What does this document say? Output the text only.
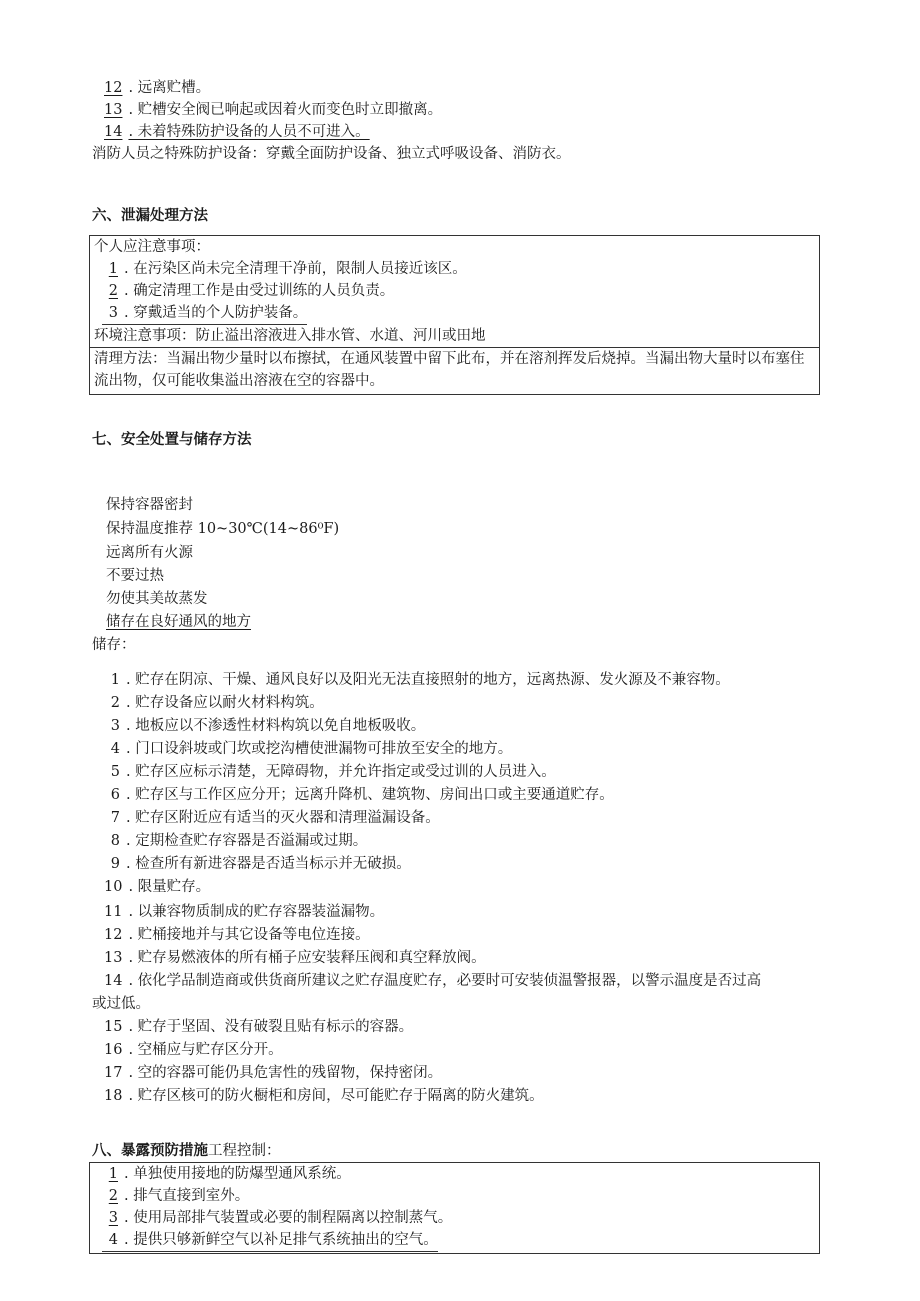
12 . 远离贮槽。
13 . 贮槽安全阀已响起或因着火而变色时立即撤离。
14 . 未着特殊防护设备的人员不可进入。
消防人员之特殊防护设备：穿戴全面防护设备、独立式呼吸设备、消防衣。
六、泄漏处理方法
个人应注意事项：
1 . 在污染区尚未完全清理干净前，限制人员接近该区。
2 . 确定清理工作是由受过训练的人员负责。
3 . 穿戴适当的个人防护装备。
环境注意事项：防止溢出溶液进入排水管、水道、河川或田地
清理方法：当漏出物少量时以布擦拭，在通风装置中留下此布，并在溶剂挥发后烧掉。当漏出物大量时以布塞住流出物，仅可能收集溢出溶液在空的容器中。
七、安全处置与储存方法
保持容器密封
保持温度推荐 10~30℃(14~86⁰F)
远离所有火源
不要过热
勿使其美故蒸发
储存在良好通风的地方
储存：
1 . 贮存在阴凉、干燥、通风良好以及阳光无法直接照射的地方，远离热源、发火源及不兼容物。
2 . 贮存设备应以耐火材料构筑。
3 . 地板应以不渗透性材料构筑以免自地板吸收。
4 . 门口设斜坡或门坎或挖沟槽使泄漏物可排放至安全的地方。
5 . 贮存区应标示清楚，无障碍物，并允许指定或受过训的人员进入。
6 . 贮存区与工作区应分开；远离升降机、建筑物、房间出口或主要通道贮存。
7 . 贮存区附近应有适当的灭火器和清理溢漏设备。
8 . 定期检查贮存容器是否溢漏或过期。
9 . 检查所有新进容器是否适当标示并无破损。
10 . 限量贮存。
11 . 以兼容物质制成的贮存容器装溢漏物。
12 . 贮桶接地并与其它设备等电位连接。
13 . 贮存易燃液体的所有桶子应安装释压阀和真空释放阀。
14 . 依化学品制造商或供货商所建议之贮存温度贮存，必要时可安装侦温警报器，以警示温度是否过高
或过低。
15 . 贮存于坚固、没有破裂且贴有标示的容器。
16 . 空桶应与贮存区分开。
17 . 空的容器可能仍具危害性的残留物，保持密闭。
18 . 贮存区核可的防火橱柜和房间，尽可能贮存于隔离的防火建筑。
八、暴露预防措施工程控制：
1 . 单独使用接地的防爆型通风系统。
2 . 排气直接到室外。
3 . 使用局部排气装置或必要的制程隔离以控制蒸气。
4 . 提供只够新鲜空气以补足排气系统抽出的空气。
